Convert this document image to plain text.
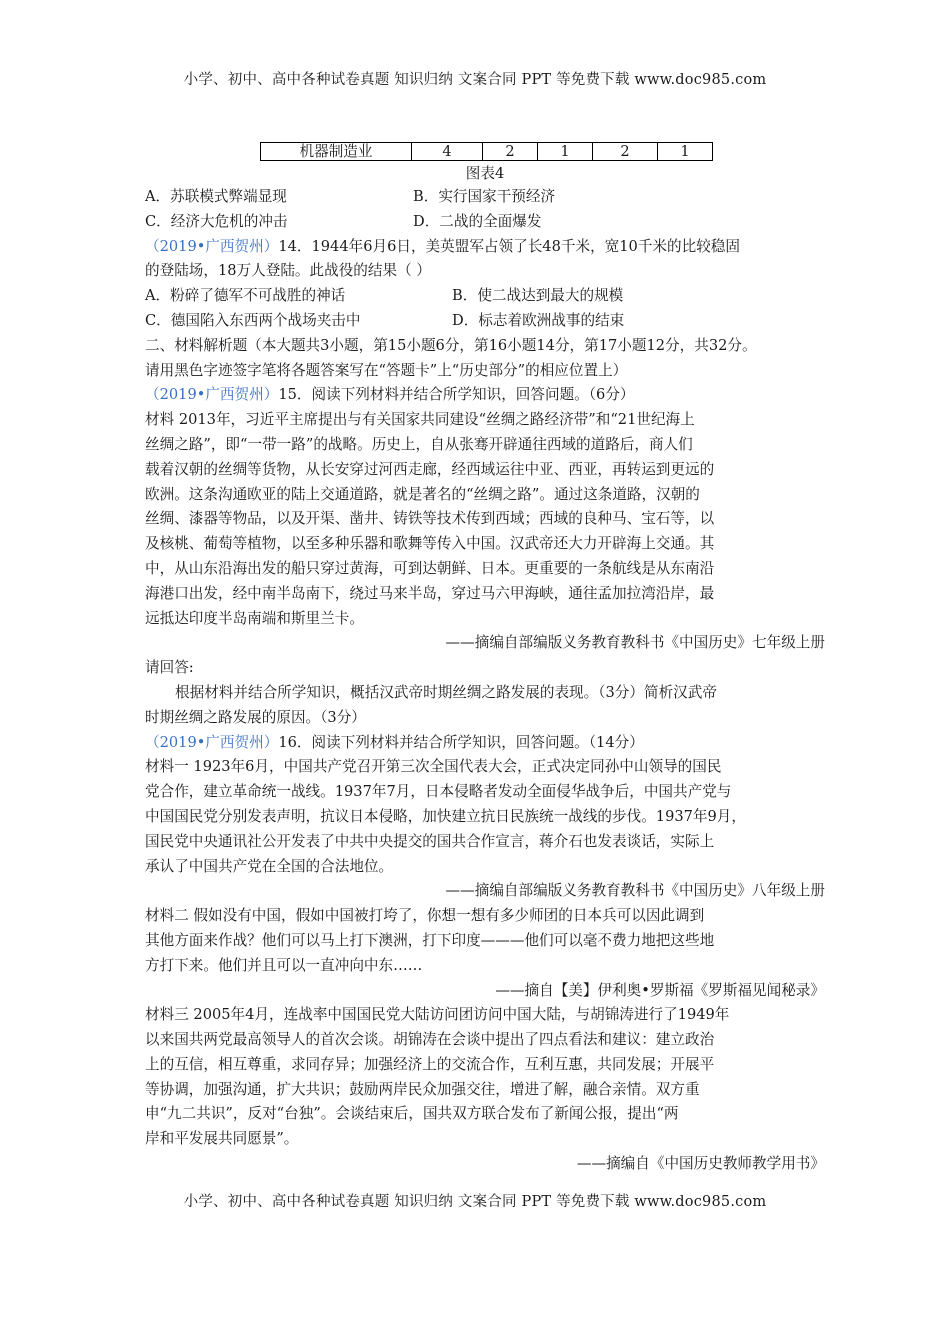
小学、初中、高中各种试卷真题 知识归纳 文案合同 PPT 等免费下载 www.doc985.com
机器制造业	4	2	1	2	1
图表4
A．苏联模式弊端显现	B．实行国家干预经济
C．经济大危机的冲击	D．二战的全面爆发
（2019•广西贺州）14．1944年6月6日，美英盟军占领了长48千米，宽10千米的比较稳固
的登陆场，18万人登陆。此战役的结果（ ）
A．粉碎了德军不可战胜的神话	B．使二战达到最大的规模
C．德国陷入东西两个战场夹击中	D．标志着欧洲战事的结束
二、材料解析题（本大题共3小题，第15小题6分，第16小题14分，第17小题12分，共32分。
请用黑色字迹签字笔将各题答案写在“答题卡”上“历史部分”的相应位置上）
（2019•广西贺州）15．阅读下列材料并结合所学知识，回答问题。（6分）
材料 2013年，习近平主席提出与有关国家共同建设“丝绸之路经济带”和“21世纪海上
丝绸之路”，即“一带一路”的战略。历史上，自从张骞开辟通往西域的道路后，商人们
载着汉朝的丝绸等货物，从长安穿过河西走廊，经西域运往中亚、西亚，再转运到更远的
欧洲。这条沟通欧亚的陆上交通道路，就是著名的“丝绸之路”。通过这条道路，汉朝的
丝绸、漆器等物品，以及开渠、凿井、铸铁等技术传到西域；西域的良种马、宝石等，以
及核桃、葡萄等植物，以至多种乐器和歌舞等传入中国。汉武帝还大力开辟海上交通。其
中，从山东沿海出发的船只穿过黄海，可到达朝鲜、日本。更重要的一条航线是从东南沿
海港口出发，经中南半岛南下，绕过马来半岛，穿过马六甲海峡，通往孟加拉湾沿岸，最
远抵达印度半岛南端和斯里兰卡。
——摘编自部编版义务教育教科书《中国历史》七年级上册
请回答:
根据材料并结合所学知识，概括汉武帝时期丝绸之路发展的表现。（3分）简析汉武帝
时期丝绸之路发展的原因。（3分）
（2019•广西贺州）16．阅读下列材料并结合所学知识，回答问题。（14分）
材料一 1923年6月，中国共产党召开第三次全国代表大会，正式决定同孙中山领导的国民
党合作，建立革命统一战线。1937年7月，日本侵略者发动全面侵华战争后，中国共产党与
中国国民党分别发表声明，抗议日本侵略，加快建立抗日民族统一战线的步伐。1937年9月，
国民党中央通讯社公开发表了中共中央提交的国共合作宣言，蒋介石也发表谈话，实际上
承认了中国共产党在全国的合法地位。
——摘编自部编版义务教育教科书《中国历史》八年级上册
材料二 假如没有中国，假如中国被打垮了，你想一想有多少师团的日本兵可以因此调到
其他方面来作战？他们可以马上打下澳洲，打下印度———他们可以毫不费力地把这些地
方打下来。他们并且可以一直冲向中东……
——摘自【美】伊利奥•罗斯福《罗斯福见闻秘录》
材料三 2005年4月，连战率中国国民党大陆访问团访问中国大陆，与胡锦涛进行了1949年
以来国共两党最高领导人的首次会谈。胡锦涛在会谈中提出了四点看法和建议：建立政治
上的互信，相互尊重，求同存异；加强经济上的交流合作，互利互惠，共同发展；开展平
等协调，加强沟通，扩大共识；鼓励两岸民众加强交往，增进了解，融合亲情。双方重
申“九二共识”，反对“台独”。会谈结束后，国共双方联合发布了新闻公报，提出“两
岸和平发展共同愿景”。
——摘编自《中国历史教师教学用书》
小学、初中、高中各种试卷真题 知识归纳 文案合同 PPT 等免费下载 www.doc985.com
